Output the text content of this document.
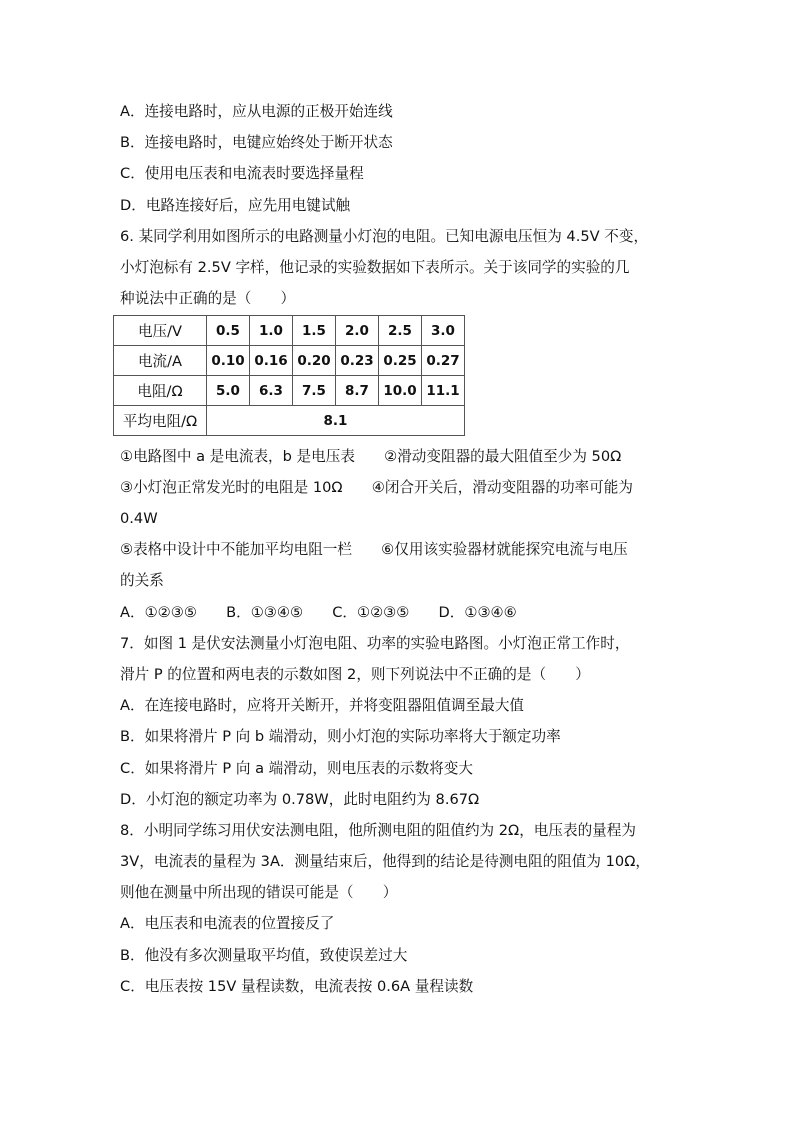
A．连接电路时，应从电源的正极开始连线
B．连接电路时，电键应始终处于断开状态
C．使用电压表和电流表时要选择量程
D．电路连接好后，应先用电键试触
6. 某同学利用如图所示的电路测量小灯泡的电阻。已知电源电压恒为 4.5V 不变，
小灯泡标有 2.5V 字样，他记录的实验数据如下表所示。关于该同学的实验的几
种说法中正确的是（　　）
电压/V	0.5	1.0	1.5	2.0	2.5	3.0
电流/A	0.10	0.16	0.20	0.23	0.25	0.27
电阻/Ω	5.0	6.3	7.5	8.7	10.0	11.1
平均电阻/Ω	8.1					
①电路图中 a 是电流表，b 是电压表　　②滑动变阻器的最大阻值至少为 50Ω
③小灯泡正常发光时的电阻是 10Ω　　④闭合开关后，滑动变阻器的功率可能为
0.4W
⑤表格中设计中不能加平均电阻一栏　　⑥仅用该实验器材就能探究电流与电压
的关系
A．①②③⑤　　B．①③④⑤　　C．①②③⑤　　D．①③④⑥
7．如图 1 是伏安法测量小灯泡电阻、功率的实验电路图。小灯泡正常工作时，
滑片 P 的位置和两电表的示数如图 2，则下列说法中不正确的是（　　）
A．在连接电路时，应将开关断开，并将变阻器阻值调至最大值
B．如果将滑片 P 向 b 端滑动，则小灯泡的实际功率将大于额定功率
C．如果将滑片 P 向 a 端滑动，则电压表的示数将变大
D．小灯泡的额定功率为 0.78W，此时电阻约为 8.67Ω
8．小明同学练习用伏安法测电阻，他所测电阻的阻值约为 2Ω，电压表的量程为
3V，电流表的量程为 3A．测量结束后，他得到的结论是待测电阻的阻值为 10Ω，
则他在测量中所出现的错误可能是（　　）
A．电压表和电流表的位置接反了
B．他没有多次测量取平均值，致使误差过大
C．电压表按 15V 量程读数，电流表按 0.6A 量程读数
